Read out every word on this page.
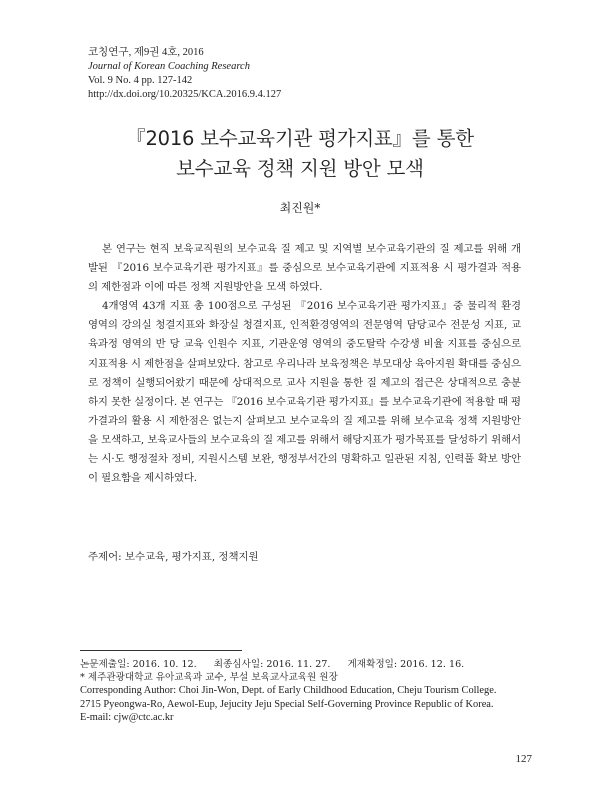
코칭연구, 제9권 4호, 2016
Journal of Korean Coaching Research
Vol. 9 No. 4 pp. 127-142
http://dx.doi.org/10.20325/KCA.2016.9.4.127
『2016 보수교육기관 평가지표』를 통한
보수교육 정책 지원 방안 모색
최진원*

본 연구는 현직 보육교직원의 보수교육 질 제고 및 지역별 보수교육기관의 질 제고를 위해 개발된 『2016 보수교육기관 평가지표』를 중심으로 보수교육기관에 지표적용 시 평가결과 적용의 제한점과 이에 따른 정책 지원방안을 모색 하였다.

4개영역 43개 지표 총 100점으로 구성된 『2016 보수교육기관 평가지표』중 물리적 환경 영역의 강의실 청결지표와 화장실 청결지표, 인적환경영역의 전문영역 담당교수 전문성 지표, 교육과정 영역의 반 당 교육 인원수 지표, 기관운영 영역의 중도탈락 수강생 비율 지표를 중심으로 지표적용 시 제한점을 살펴보았다. 참고로 우리나라 보육정책은 부모대상 육아지원 확대를 중심으로 정책이 실행되어왔기 때문에 상대적으로 교사 지원을 통한 질 제고의 접근은 상대적으로 충분하지 못한 실정이다. 본 연구는 『2016 보수교육기관 평가지표』를 보수교육기관에 적용할 때 평가결과의 활용 시 제한점은 없는지 살펴보고 보수교육의 질 제고를 위해 보수교육 정책 지원방안을 모색하고, 보육교사들의 보수교육의 질 제고를 위해서 해당지표가 평가목표를 달성하기 위해서는 시·도 행정절차 정비, 지원시스템 보완, 행정부서간의 명확하고 일관된 지침, 인력풀 확보 방안이 필요함을 제시하였다.

주제어: 보수교육, 평가지표, 정책지원
논문제출일: 2016. 10. 12. 최종심사일: 2016. 11. 27. 게재확정일: 2016. 12. 16.
* 제주관광대학교 유아교육과 교수, 부설 보육교사교육원 원장
Corresponding Author: Choi Jin-Won, Dept. of Early Childhood Education, Cheju Tourism College.
2715 Pyeongwa-Ro, Aewol-Eup, Jejucity Jeju Special Self-Governing Province Republic of Korea.
E-mail: cjw@ctc.ac.kr
127
